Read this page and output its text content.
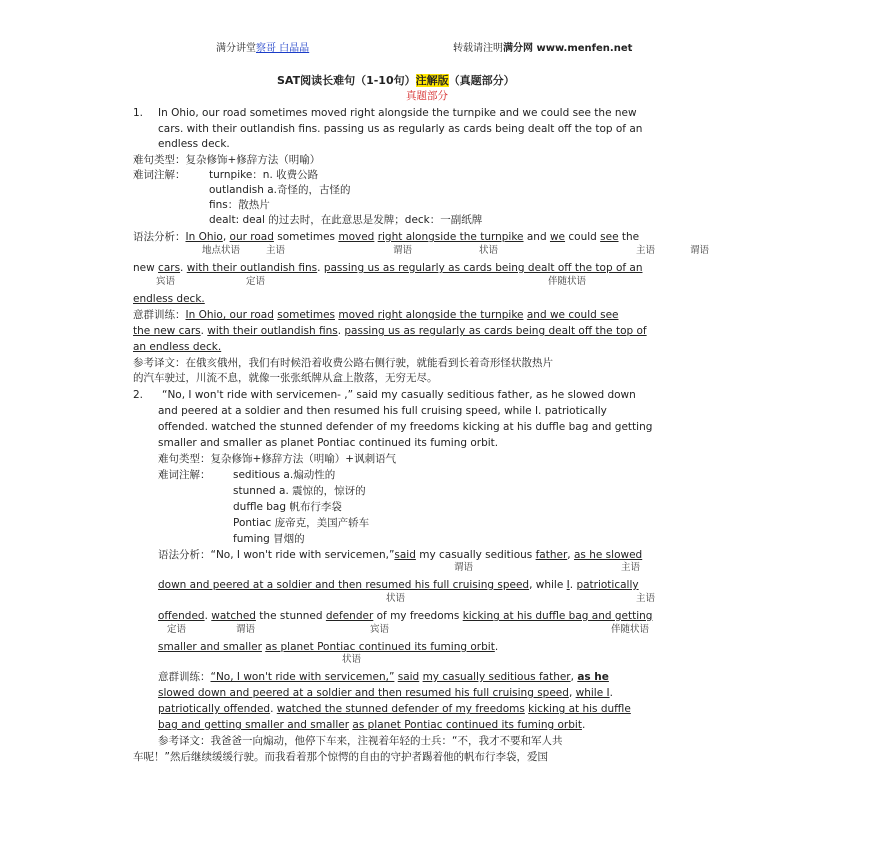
满分讲堂察哥 白晶晶	转载请注明满分网 www.menfen.net
SAT阅读长难句（1-10句）注解版（真题部分）
真题部分
1. In Ohio, our road sometimes moved right alongside the turnpike and we could see the new
cars. with their outlandish fins. passing us as regularly as cards being dealt off the top of an
endless deck.
难句类型：复杂修饰+修辞方法（明喻）
难词注解： turnpike：n. 收费公路
outlandish a.奇怪的，古怪的
fins：散热片
dealt: deal 的过去时，在此意思是发牌；deck：一副纸牌
语法分析：In Ohio, our road sometimes moved right alongside the turnpike and we could see the
地点状语	主语	谓语	状语	主语	谓语
new cars. with their outlandish fins. passing us as regularly as cards being dealt off the top of an
宾语	定语	伴随状语
endless deck.
意群训练：In Ohio, our road sometimes moved right alongside the turnpike and we could see
the new cars. with their outlandish fins. passing us as regularly as cards being dealt off the top of
an endless deck.
参考译文：在俄亥俄州，我们有时候沿着收费公路右侧行驶，就能看到长着奇形怪状散热片
的汽车驶过，川流不息，就像一张张纸牌从盒上散落，无穷无尽。
2. “No, I won't ride with servicemen- ,” said my casually seditious father, as he slowed down
and peered at a soldier and then resumed his full cruising speed, while I. patriotically
offended. watched the stunned defender of my freedoms kicking at his duffle bag and getting
smaller and smaller as planet Pontiac continued its fuming orbit.
难句类型：复杂修饰+修辞方法（明喻）+讽刺语气
难词注解： seditious a.煽动性的
stunned a. 震惊的，惊讶的
duffle bag 帆布行李袋
Pontiac 庞帝克，美国产轿车
fuming 冒烟的
语法分析：“No, I won't ride with servicemen,”said my casually seditious father, as he slowed
谓语	主语
down and peered at a soldier and then resumed his full cruising speed, while I. patriotically
状语	主语
offended. watched the stunned defender of my freedoms kicking at his duffle bag and getting
定语	谓语	宾语	伴随状语
smaller and smaller as planet Pontiac continued its fuming orbit.
状语
意群训练：“No, I won't ride with servicemen,” said my casually seditious father, as he
slowed down and peered at a soldier and then resumed his full cruising speed, while I.
patriotically offended. watched the stunned defender of my freedoms kicking at his duffle
bag and getting smaller and smaller as planet Pontiac continued its fuming orbit.
参考译文：我爸爸一向煽动，他停下车来，注视着年轻的士兵：“不，我才不要和军人共
车呢！”然后继续缓缓行驶。而我看着那个惊愕的自由的守护者踢着他的帆布行李袋，爱国
